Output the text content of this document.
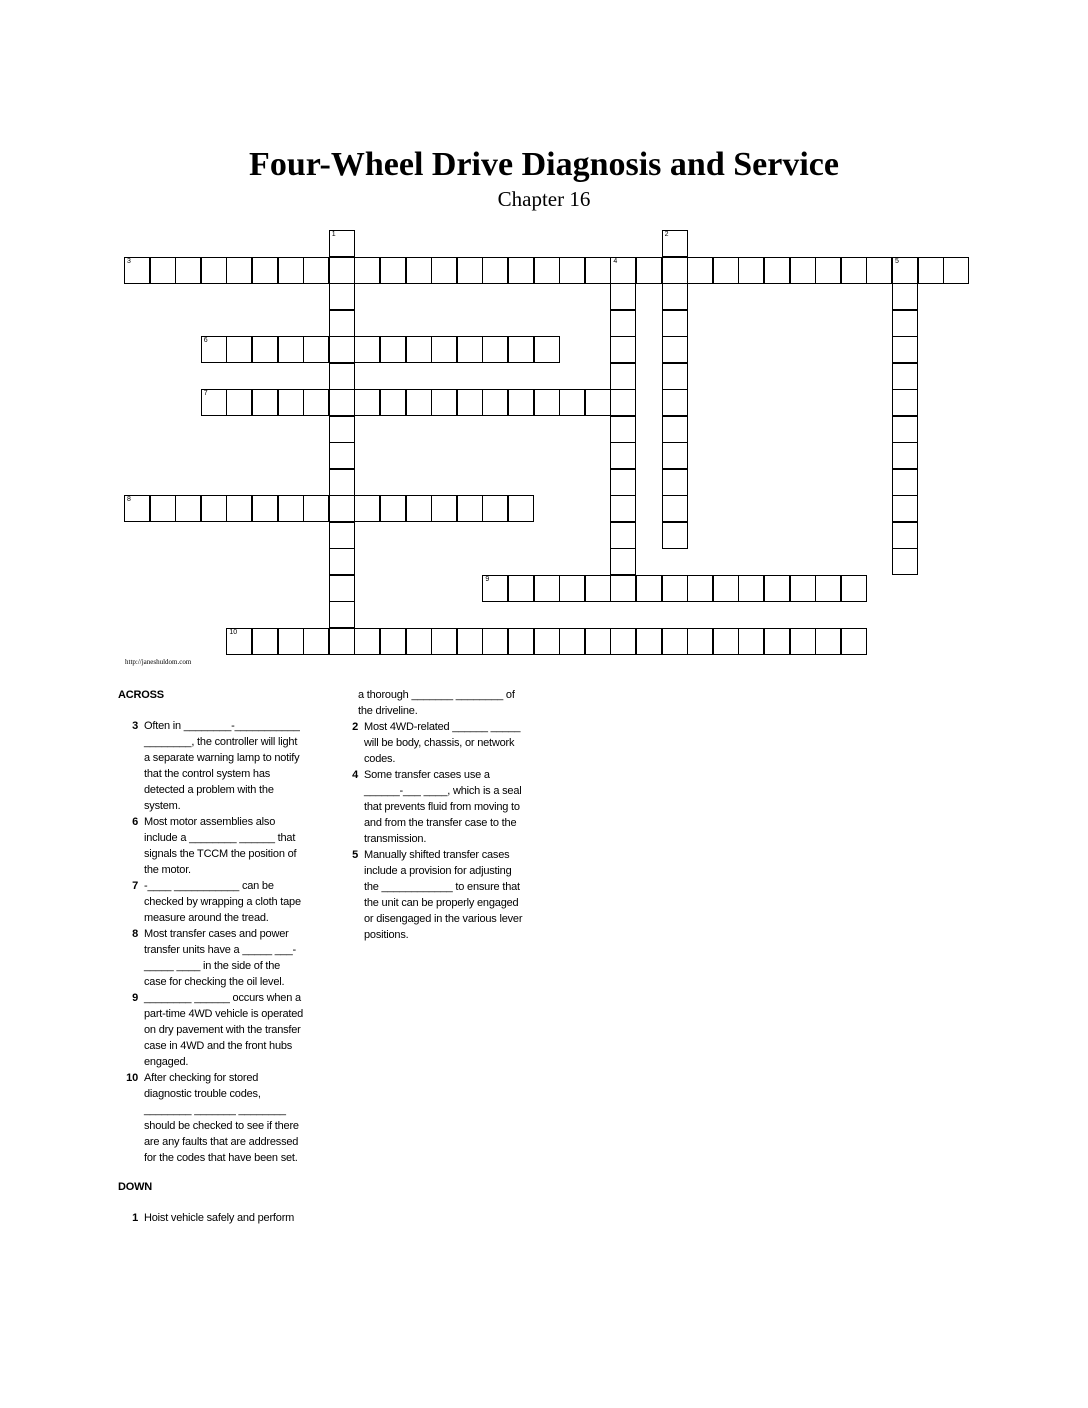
Four-Wheel Drive Diagnosis and Service
Chapter 16
1	2
3	4	5
6
7
8
9
10
http://janeshuldom.com
ACROSS
3 Often in ________-___________ ________, the controller will light a separate warning lamp to notify that the control system has detected a problem with the system.
6 Most motor assemblies also include a ________ ______ that signals the TCCM the position of the motor.
7 -____ ___________ can be checked by wrapping a cloth tape measure around the tread.
8 Most transfer cases and power transfer units have a _____ ___-_____ ____ in the side of the case for checking the oil level.
9 ________ ______ occurs when a part-time 4WD vehicle is operated on dry pavement with the transfer case in 4WD and the front hubs engaged.
10 After checking for stored diagnostic trouble codes, ________ _______ ________ should be checked to see if there are any faults that are addressed for the codes that have been set.
DOWN
1 Hoist vehicle safely and perform
a thorough _______ ________ of the driveline.
2 Most 4WD-related ______ _____ will be body, chassis, or network codes.
4 Some transfer cases use a ______-___ ____, which is a seal that prevents fluid from moving to and from the transfer case to the transmission.
5 Manually shifted transfer cases include a provision for adjusting the ____________ to ensure that the unit can be properly engaged or disengaged in the various lever positions.
